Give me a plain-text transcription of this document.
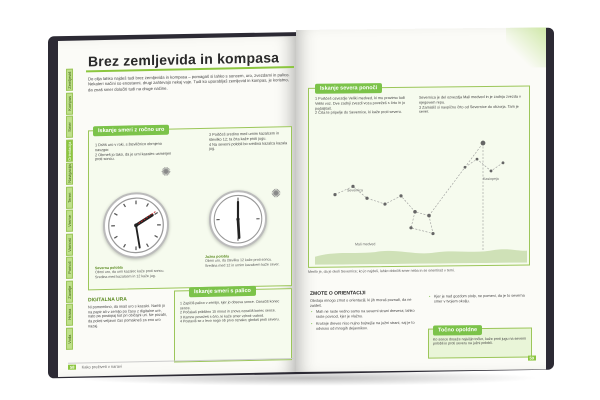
Zemljevid
Kompas
Smer
Orientacija
Navigacija
Teren
Vreme
Varnost
Pomoč
Zavetje
Hrana
Voda
Brez zemljevida in kompasa
Do cilja lahko najdeš tudi brez zemljevida in kompasa – pomagaš si lahko s soncem, uro, zvezdami in palico. Nekateri načini so enostavni, drugi zahtevajo nekaj vaje. Tudi ko uporabljaš zemljevid in kompas, je koristno, da znaš smer določiti tudi na druge načine.
Iskanje smeri z ročno uro
1 Držiš uro v roki, s številčnico obrnjeno navzgor.
2 Obrneš jo tako, da je urni kazalec usmerjen proti soncu.
3 Poiščeš sredino med urnim kazalcem in številko 12; ta črta kaže proti jugu.
4 Na severni polobli bo sredina kazalca kazala jug.
✺
✺
Severna polobla
Obrni uro, da urni kazalec kaže proti soncu. Sredina med kazalcem in 12 kaže jug.
Južna polobla
Obrni uro, da številka 12 kaže proti soncu. Sredina med 12 in urnim kazalcem kaže sever.
DIGITALNA URA
Ni pomembno, da imaš uro s kazalci. Nariši jo na papir ali v zemljo po času z digitalne ure, nato pa postopaj kot pri običajni uri. Ne pozabi, da poleti veljavni čas pomakneš za eno uro nazaj.
Iskanje smeri s palico
1 Zapičiš palico v zemljo, kjer jo obseva sonce. Označiš konec sence.
2 Počakaš približno 15 minut in znova označiš konec sence.
3 Kamne povežeš s črto, ki kaže smer vzhod–zahod.
4 Postaviš se z levo nogo ob prvo oznako; gledaš proti severu.
58 Kako preživeti v naravi
Iskanje severa ponoči
1 Poiščeš ozvezdje Veliki medved, ki mu pravimo tudi Veliki voz. Dve zadnji zvezdi voza povežeš s črto in jo podaljšaš.
2 Črta te pripelje do Severnice, ki kaže proti severu.
Severnica je del ozvezdja Mali medved in je zadnja zvezda v njegovem repu.
3 Zamisliš si navpično črto od Severnice do obzorja. Tam je sever.
Severnica
Kasiopeja
Mali medved
Merilo je, da je okoli Severnice; ko jo najdeš, lahko določiš smer neba in se orientiraš v temi.
ZMOTE O ORIENTACIJI
Obstaja mnogo zmot o orientaciji, ki jih moraš poznati, da ne zaideš.
• Mah ne raste vedno samo na severni strani drevesa; lahko raste povsod, kjer je vlažno.
• Krošnje dreves niso nujno bujnejše na južni strani, saj je to odvisno od mnogih dejavnikov.
• Kjer je nad gozdom stolp, ne pomeni, da je to severna smer v tvojem okolju.
Točno opoldne
Ko sonce doseže najvišjo točko, kaže proti jugu na severni polobli in proti severu na južni polobli.
59
